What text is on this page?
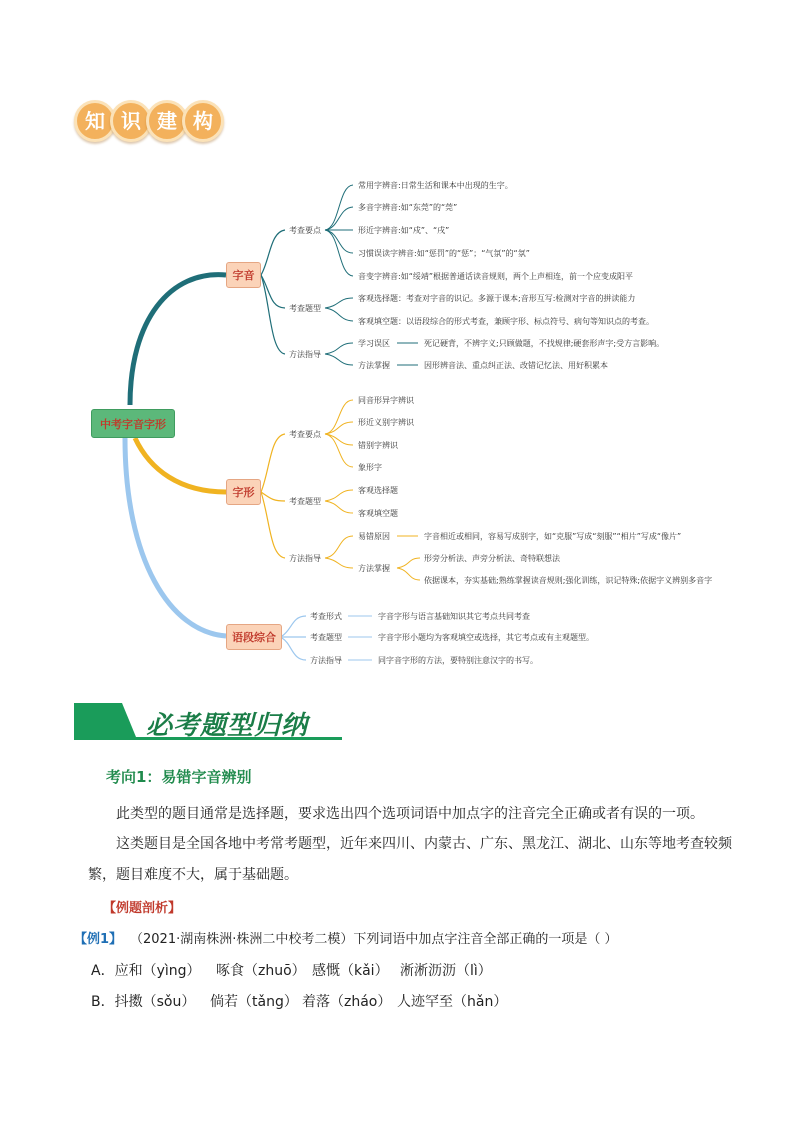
知 识 建 构
中考字音字形
字音
字形
语段综合
考查要点
常用字辨音:日常生活和课本中出现的生字。
多音字辨音:如“东莞”的“莞”
形近字辨音:如“戍”、“戌”
习惯误读字辨音:如“惩罚”的“惩”；“气氛”的“氛”
音变字辨音:如“绥靖”根据普通话读音规则，两个上声相连，前一个应变成阳平
考查题型
客观选择题：考查对字音的识记。多源于课本;音形互写:检测对字音的拼读能力
客观填空题：以语段综合的形式考查，兼顾字形、标点符号、病句等知识点的考查。
方法指导
学习误区	死记硬背，不辨字义;只顾做题，不找规律;硬套形声字;受方言影响。
方法掌握	因形辨音法、重点纠正法、改错记忆法、用好积累本
考查要点
同音形异字辨识
形近义别字辨识
错别字辨识
象形字
考查题型
客观选择题
客观填空题
方法指导
易错原因	字音相近或相同，容易写成别字，如“克服”写成“刻服”“相片”写成“像片”
方法掌握
形旁分析法、声旁分析法、奇特联想法
依据课本，夯实基础;熟练掌握读音规则;强化训练，识记特殊;依据字义辨别多音字
考查形式	字音字形与语言基础知识其它考点共同考查
考查题型	字音字形小题均为客观填空或选择，其它考点或有主观题型。
方法指导	同字音字形的方法，要特别注意汉字的书写。
必考题型归纳
考向1：易错字音辨别
此类型的题目通常是选择题，要求选出四个选项词语中加点字的注音完全正确或者有误的一项。
这类题目是全国各地中考常考题型，近年来四川、内蒙古、广东、黑龙江、湖北、山东等地考查较频
繁，题目难度不大，属于基础题。
【例题剖析】
【例1】 （2021·湖南株洲·株洲二中校考二模）下列词语中加点字注音全部正确的一项是（ ）
A．应和（yìng） 啄食（zhuō） 感慨（kǎi） 淅淅沥沥（lì）
B．抖擞（sǒu） 倘若（tǎng） 着落（zháo） 人迹罕至（hǎn）
